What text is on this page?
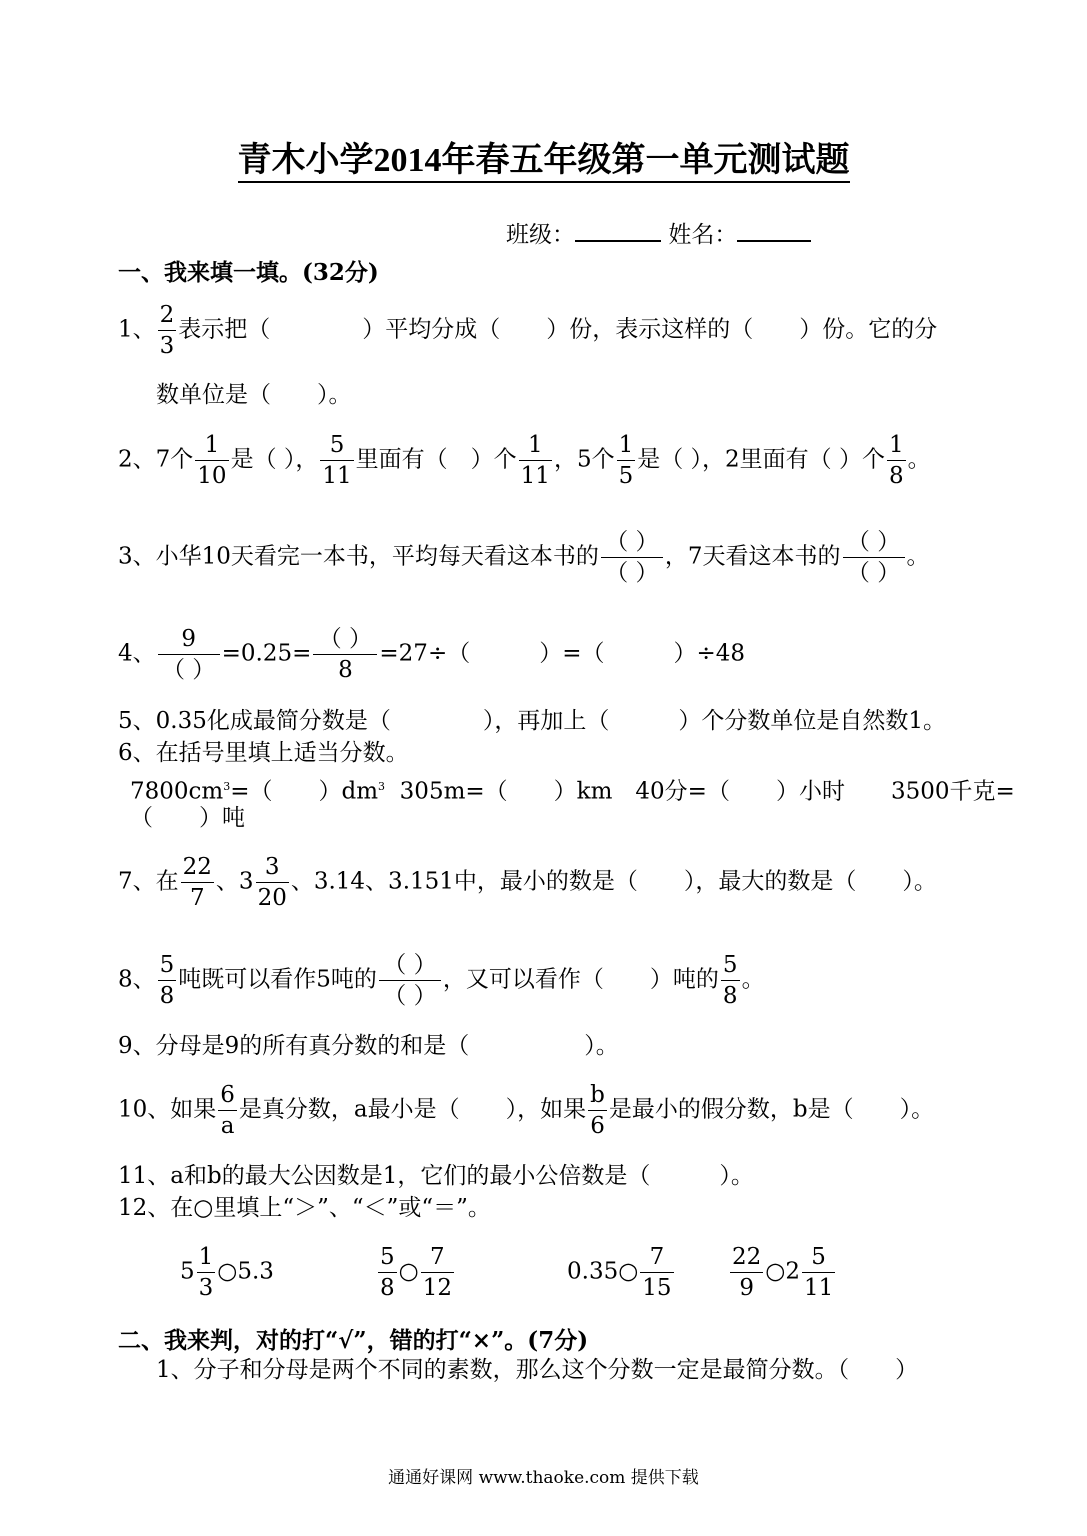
青木小学2014年春五年级第一单元测试题
班级：	姓名：
一、我来填一填。(32分)
1、 $\frac{2}{3}$ 表示把（　　　　）平均分成（　　）份，表示这样的（　　）份。它的分
数单位是（　　）。
2、7个 $\frac{1}{10}$ 是（ ）， $\frac{5}{11}$ 里面有（　）个 $\frac{1}{11}$ ，5个 $\frac{1}{5}$ 是（ ），2里面有（ ）个 $\frac{1}{8}$ 。
3、小华10天看完一本书，平均每天看这本书的 $\frac{( )}{( )}$ ，7天看这本书的 $\frac{( )}{( )}$ 。
4、 $\frac{9}{( )} =0.25= \frac{( )}{8} =27\div$（　　　）=（　　　）÷48
5、0.35化成最简分数是（　　　　），再加上（　　　）个分数单位是自然数1。
6、在括号里填上适当分数。
$7800cm^3=$（　　）$dm^3$ 305m=（　　）km　40分=（　　）小时　　3500千克=
（　　）吨
7、在 $\frac{22}{7}$ 、$3 \frac{3}{20}$ 、3.14、3.151中，最小的数是（　　），最大的数是（　　）。
8、 $\frac{5}{8}$ 吨既可以看作5吨的 $\frac{( )}{( )}$ ，又可以看作（　　）吨的 $\frac{5}{8}$ 。
9、分母是9的所有真分数的和是（　　　　　）。
10、如果 $\frac{6}{a}$ 是真分数，a最小是（　　），如果 $\frac{b}{6}$ 是最小的假分数，b是（　　）。
11、a和b的最大公因数是1，它们的最小公倍数是（　　　）。
12、在○里填上“＞”、“＜”或“＝”。
$5 \frac{1}{3}$ ○5.3	$\frac{5}{8}$ ○ $\frac{7}{12}$	0.35○ $\frac{7}{15} \frac{22}{9}$ ○2 $\frac{5}{11}$
二、我来判，对的打“√”，错的打“×”。(7分)
1、分子和分母是两个不同的素数，那么这个分数一定是最简分数。（　　）
通通好课网 www.thaoke.com 提供下载
